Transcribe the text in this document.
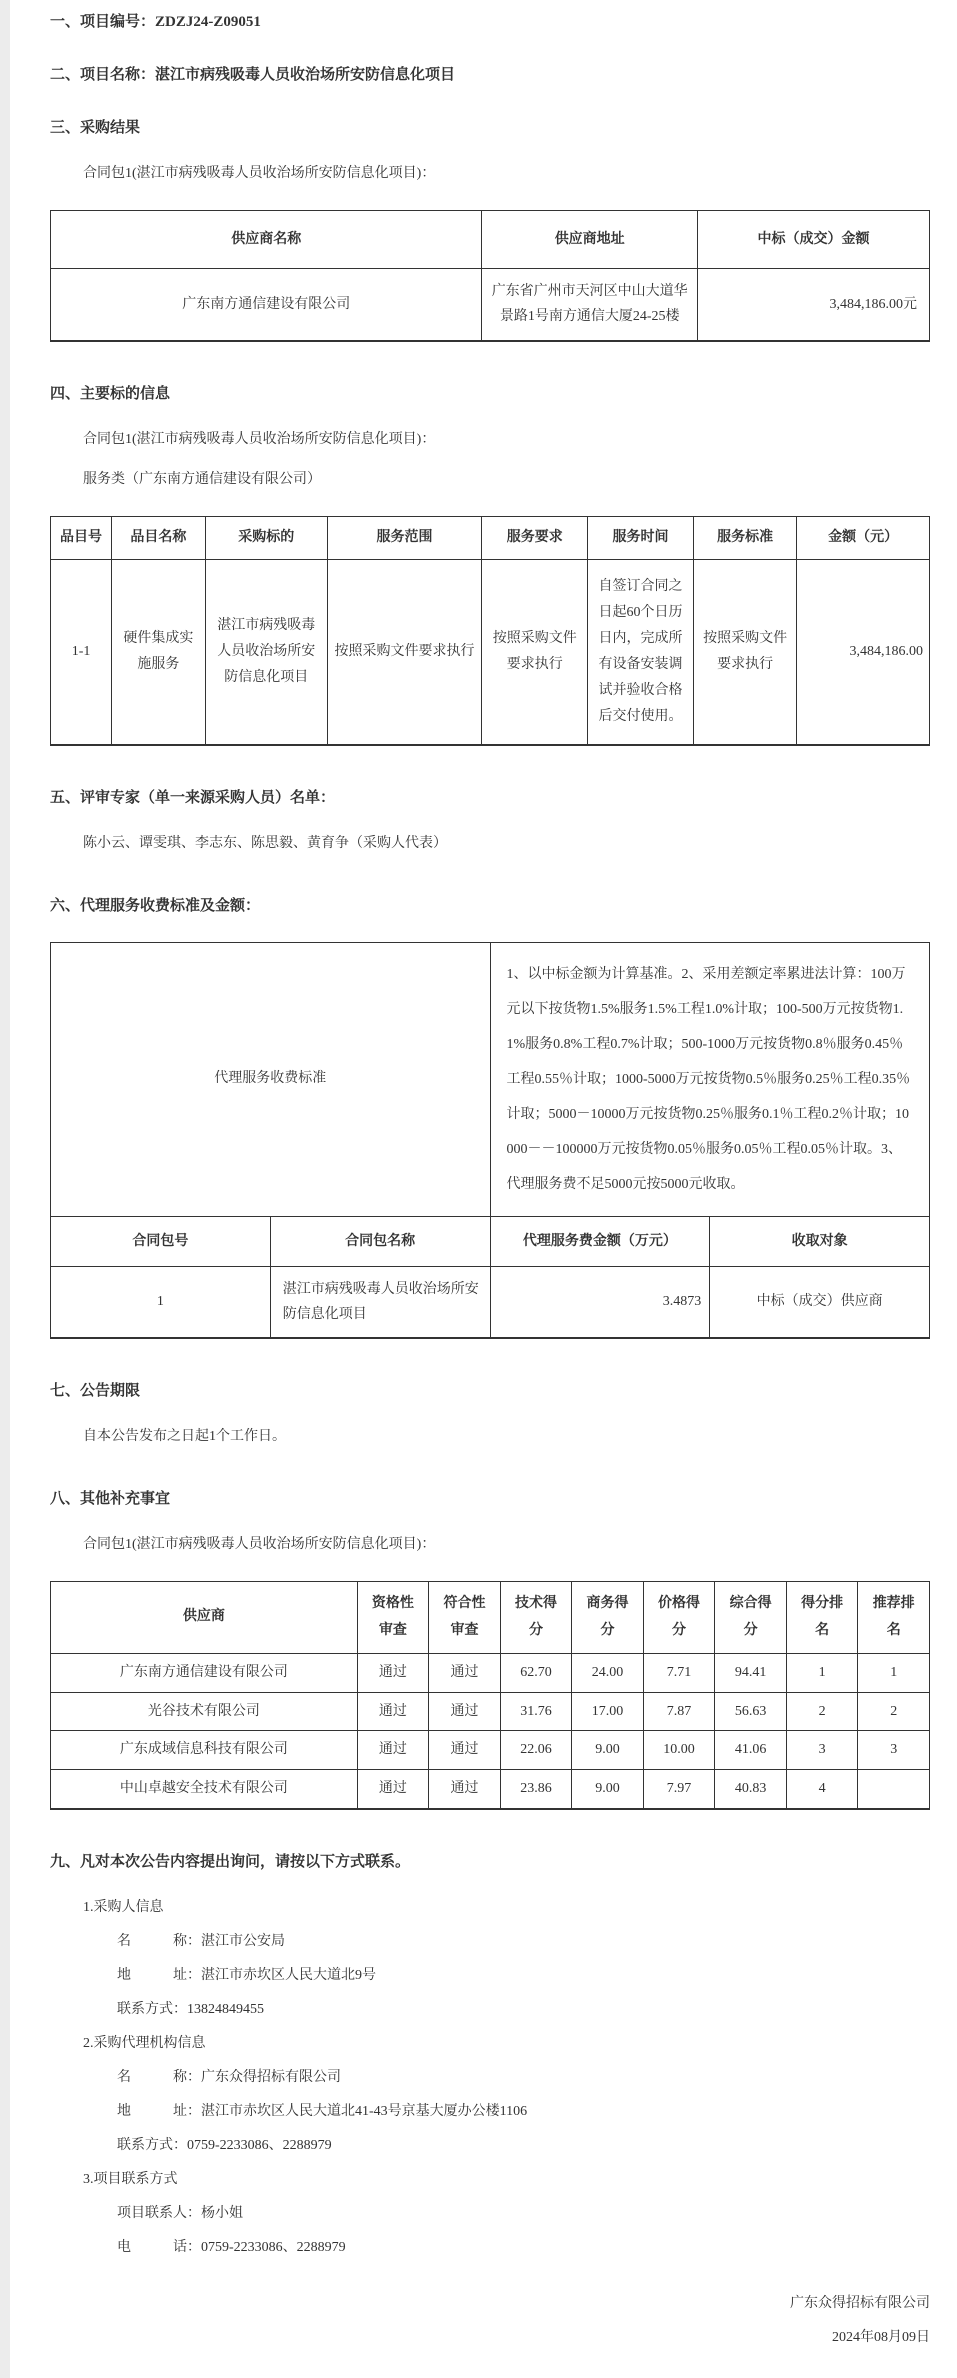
一、项目编号：ZDZJ24-Z09051
二、项目名称：湛江市病残吸毒人员收治场所安防信息化项目
三、采购结果
合同包1(湛江市病残吸毒人员收治场所安防信息化项目)：
供应商名称	供应商地址	中标（成交）金额
广东南方通信建设有限公司	广东省广州市天河区中山大道华景路1号南方通信大厦24-25楼	3,484,186.00元
四、主要标的信息
合同包1(湛江市病残吸毒人员收治场所安防信息化项目)：
服务类（广东南方通信建设有限公司）
品目号	品目名称	采购标的	服务范围	服务要求	服务时间	服务标准	金额（元）
1-1	硬件集成实施服务	湛江市病残吸毒人员收治场所安防信息化项目	按照采购文件要求执行	按照采购文件要求执行	自签订合同之日起60个日历日内，完成所有设备安装调试并验收合格后交付使用。	按照采购文件要求执行	3,484,186.00
五、评审专家（单一来源采购人员）名单：
陈小云、谭雯琪、李志东、陈思毅、黄育争（采购人代表）
六、代理服务收费标准及金额：
代理服务收费标准		1、以中标金额为计算基准。2、采用差额定率累进法计算：100万元以下按货物1.5%服务1.5%工程1.0%计取；100-500万元按货物1.1%服务0.8%工程0.7%计取；500-1000万元按货物0.8％服务0.45％工程0.55％计取；1000-5000万元按货物0.5％服务0.25％工程0.35％计取；5000－10000万元按货物0.25％服务0.1％工程0.2％计取；10000－－100000万元按货物0.05％服务0.05％工程0.05％计取。3、代理服务费不足5000元按5000元收取。	
合同包号	合同包名称	代理服务费金额（万元）	收取对象
1	湛江市病残吸毒人员收治场所安防信息化项目	3.4873	中标（成交）供应商
七、公告期限
自本公告发布之日起1个工作日。
八、其他补充事宜
合同包1(湛江市病残吸毒人员收治场所安防信息化项目)：
供应商	资格性审查	符合性审查	技术得分	商务得分	价格得分	综合得分	得分排名	推荐排名
广东南方通信建设有限公司	通过	通过	62.70	24.00	7.71	94.41	1	1
光谷技术有限公司	通过	通过	31.76	17.00	7.87	56.63	2	2
广东成域信息科技有限公司	通过	通过	22.06	9.00	10.00	41.06	3	3
中山卓越安全技术有限公司	通过	通过	23.86	9.00	7.97	40.83	4	
九、凡对本次公告内容提出询问，请按以下方式联系。
1.采购人信息
名　　　称：湛江市公安局
地　　　址：湛江市赤坎区人民大道北9号
联系方式：13824849455
2.采购代理机构信息
名　　　称：广东众得招标有限公司
地　　　址：湛江市赤坎区人民大道北41-43号京基大厦办公楼1106
联系方式：0759-2233086、2288979
3.项目联系方式
项目联系人：杨小姐
电　　　话：0759-2233086、2288979
广东众得招标有限公司
2024年08月09日
